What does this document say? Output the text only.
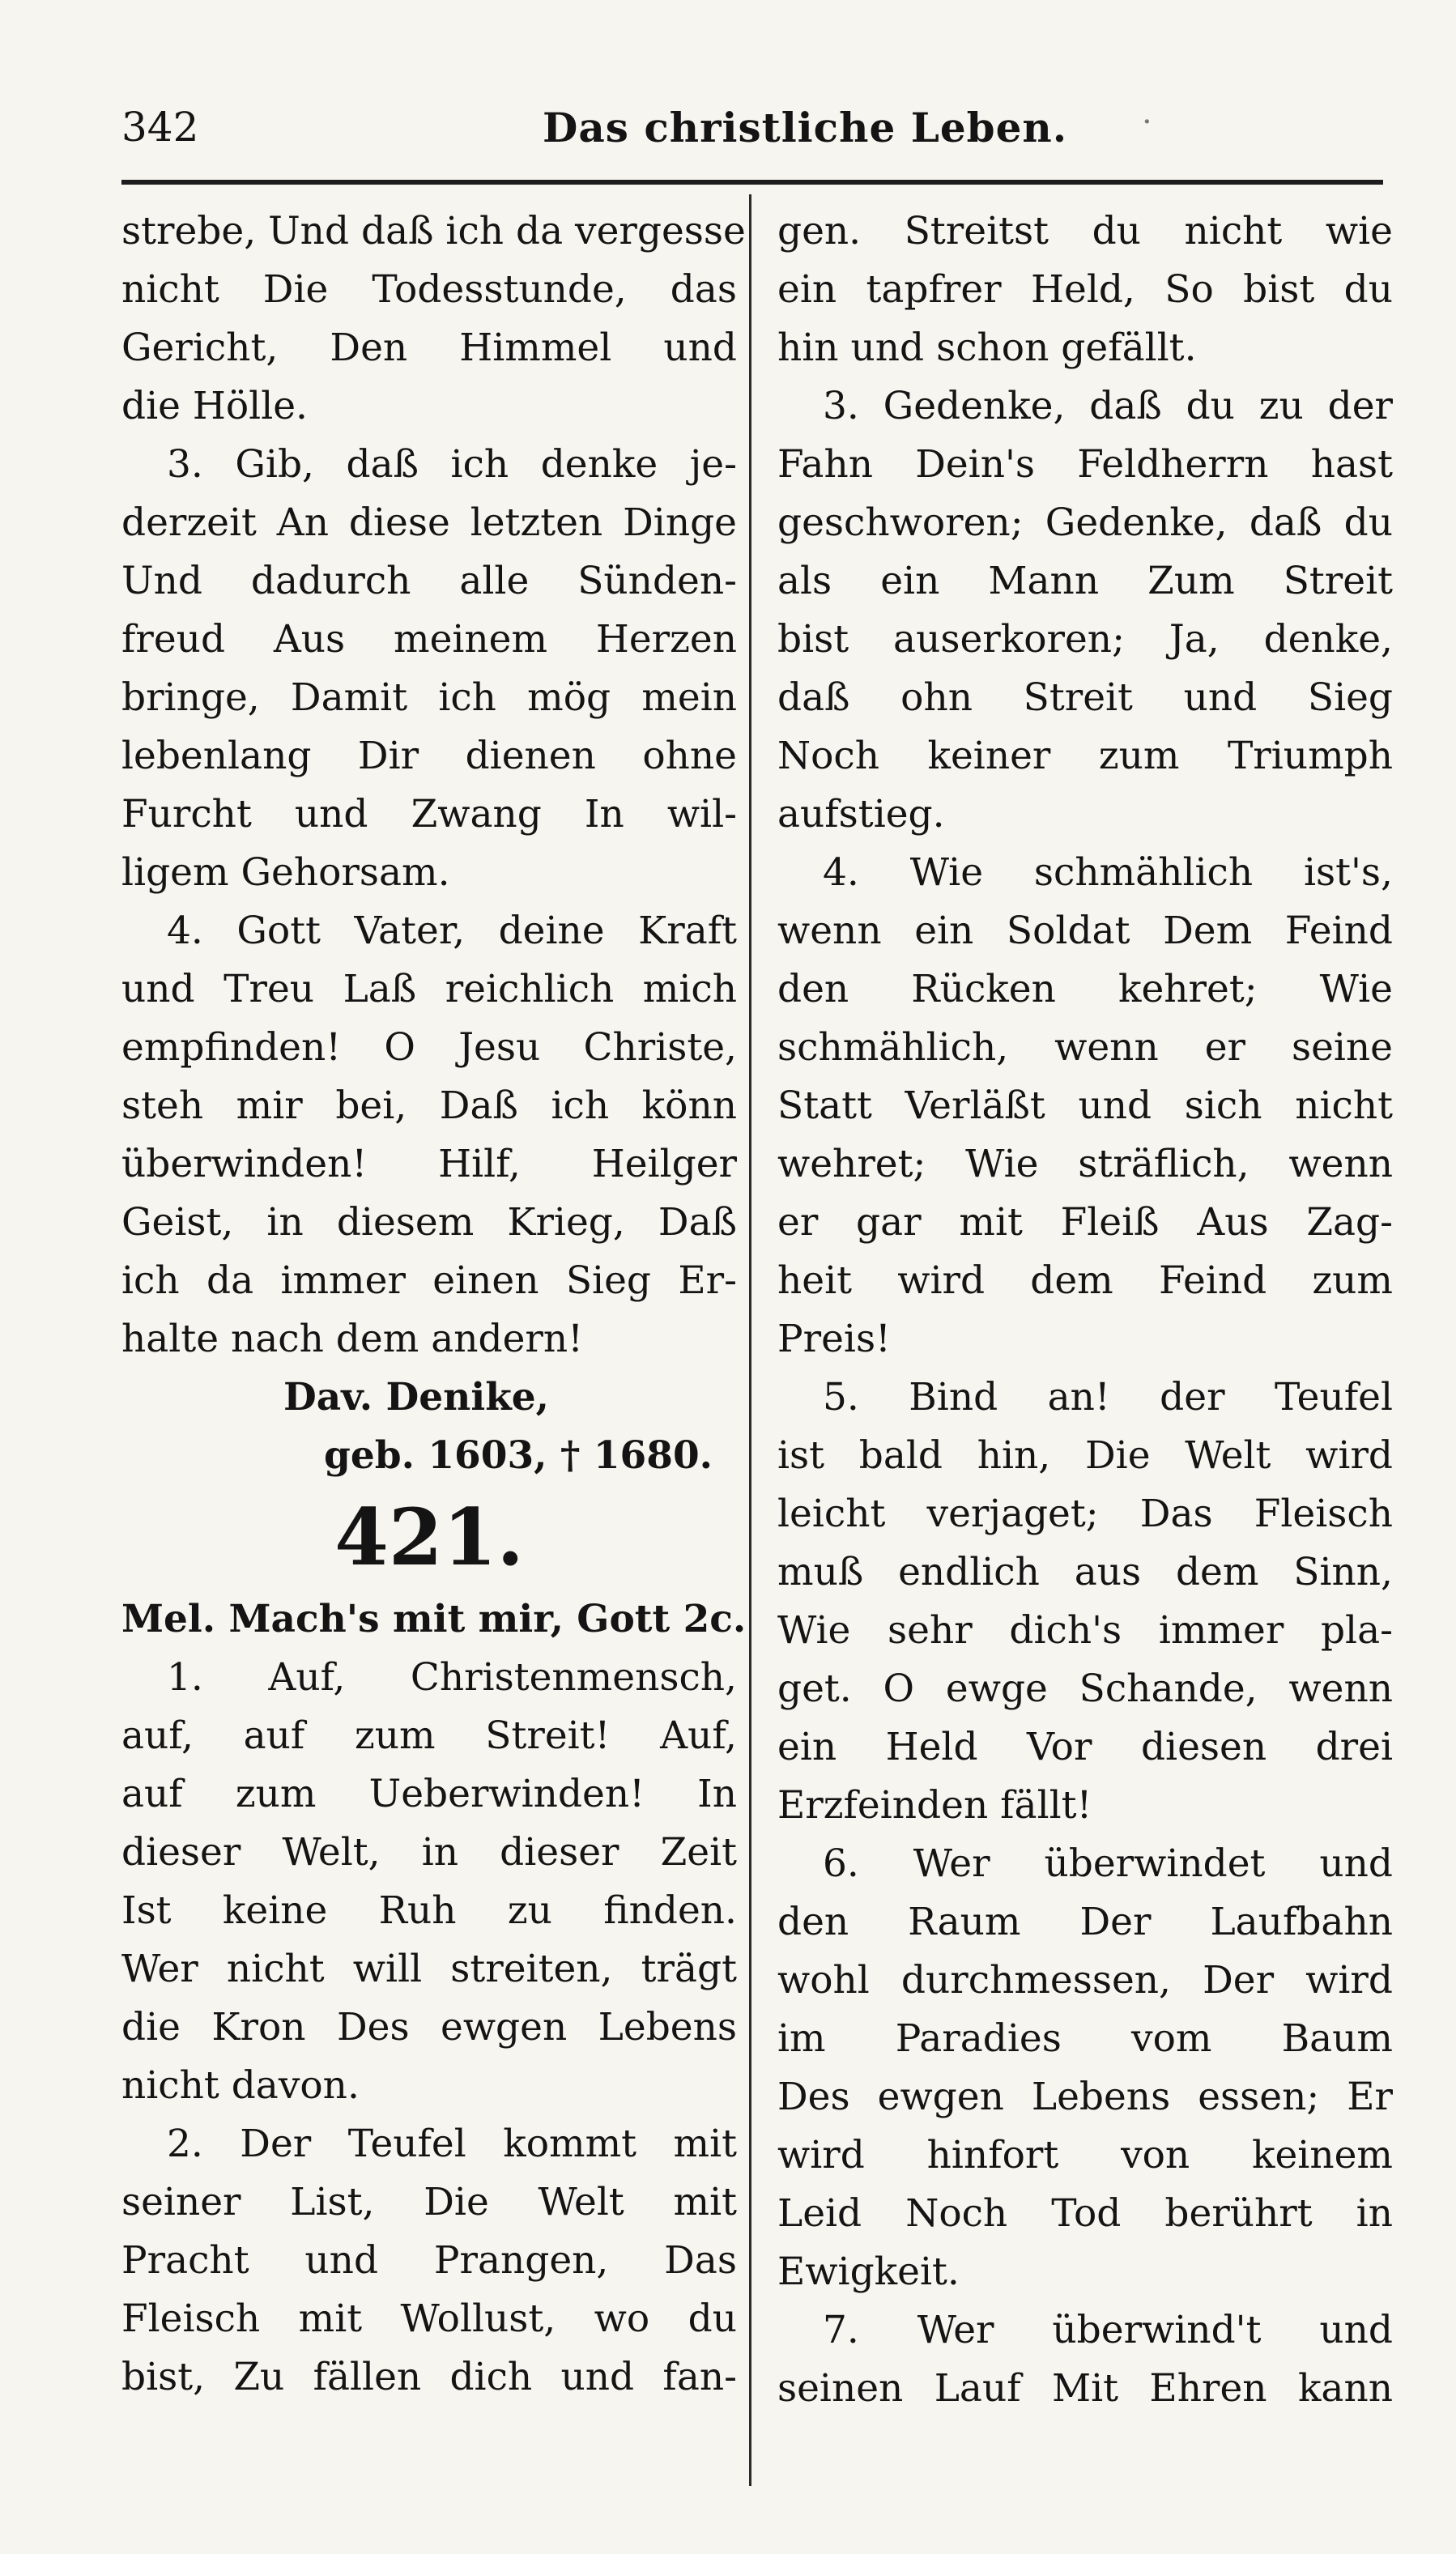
342	Das christliche Leben. ·
strebe, Und daß ich da vergesse
nicht Die Todesstunde, das
Gericht, Den Himmel und
die Hölle.
3. Gib, daß ich denke je-
derzeit An diese letzten Dinge
Und dadurch alle Sünden-
freud Aus meinem Herzen
bringe, Damit ich mög mein
lebenlang Dir dienen ohne
Furcht und Zwang In wil-
ligem Gehorsam.
4. Gott Vater, deine Kraft
und Treu Laß reichlich mich
empfinden! O Jesu Christe,
steh mir bei, Daß ich könn
überwinden! Hilf, Heilger
Geist, in diesem Krieg, Daß
ich da immer einen Sieg Er-
halte nach dem andern!
Dav. Denike,
geb. 1603, † 1680.
421.
Mel. Mach's mit mir, Gott 2c.
1. Auf, Christenmensch,
auf, auf zum Streit! Auf,
auf zum Ueberwinden! In
dieser Welt, in dieser Zeit
Ist keine Ruh zu finden.
Wer nicht will streiten, trägt
die Kron Des ewgen Lebens
nicht davon.
2. Der Teufel kommt mit
seiner List, Die Welt mit
Pracht und Prangen, Das
Fleisch mit Wollust, wo du
bist, Zu fällen dich und fan-
gen. Streitst du nicht wie
ein tapfrer Held, So bist du
hin und schon gefällt.
3. Gedenke, daß du zu der
Fahn Dein's Feldherrn hast
geschworen; Gedenke, daß du
als ein Mann Zum Streit
bist auserkoren; Ja, denke,
daß ohn Streit und Sieg
Noch keiner zum Triumph
aufstieg.
4. Wie schmählich ist's,
wenn ein Soldat Dem Feind
den Rücken kehret; Wie
schmählich, wenn er seine
Statt Verläßt und sich nicht
wehret; Wie sträflich, wenn
er gar mit Fleiß Aus Zag-
heit wird dem Feind zum
Preis!
5. Bind an! der Teufel
ist bald hin, Die Welt wird
leicht verjaget; Das Fleisch
muß endlich aus dem Sinn,
Wie sehr dich's immer pla-
get. O ewge Schande, wenn
ein Held Vor diesen drei
Erzfeinden fällt!
6. Wer überwindet und
den Raum Der Laufbahn
wohl durchmessen, Der wird
im Paradies vom Baum
Des ewgen Lebens essen; Er
wird hinfort von keinem
Leid Noch Tod berührt in
Ewigkeit.
7. Wer überwind't und
seinen Lauf Mit Ehren kann
